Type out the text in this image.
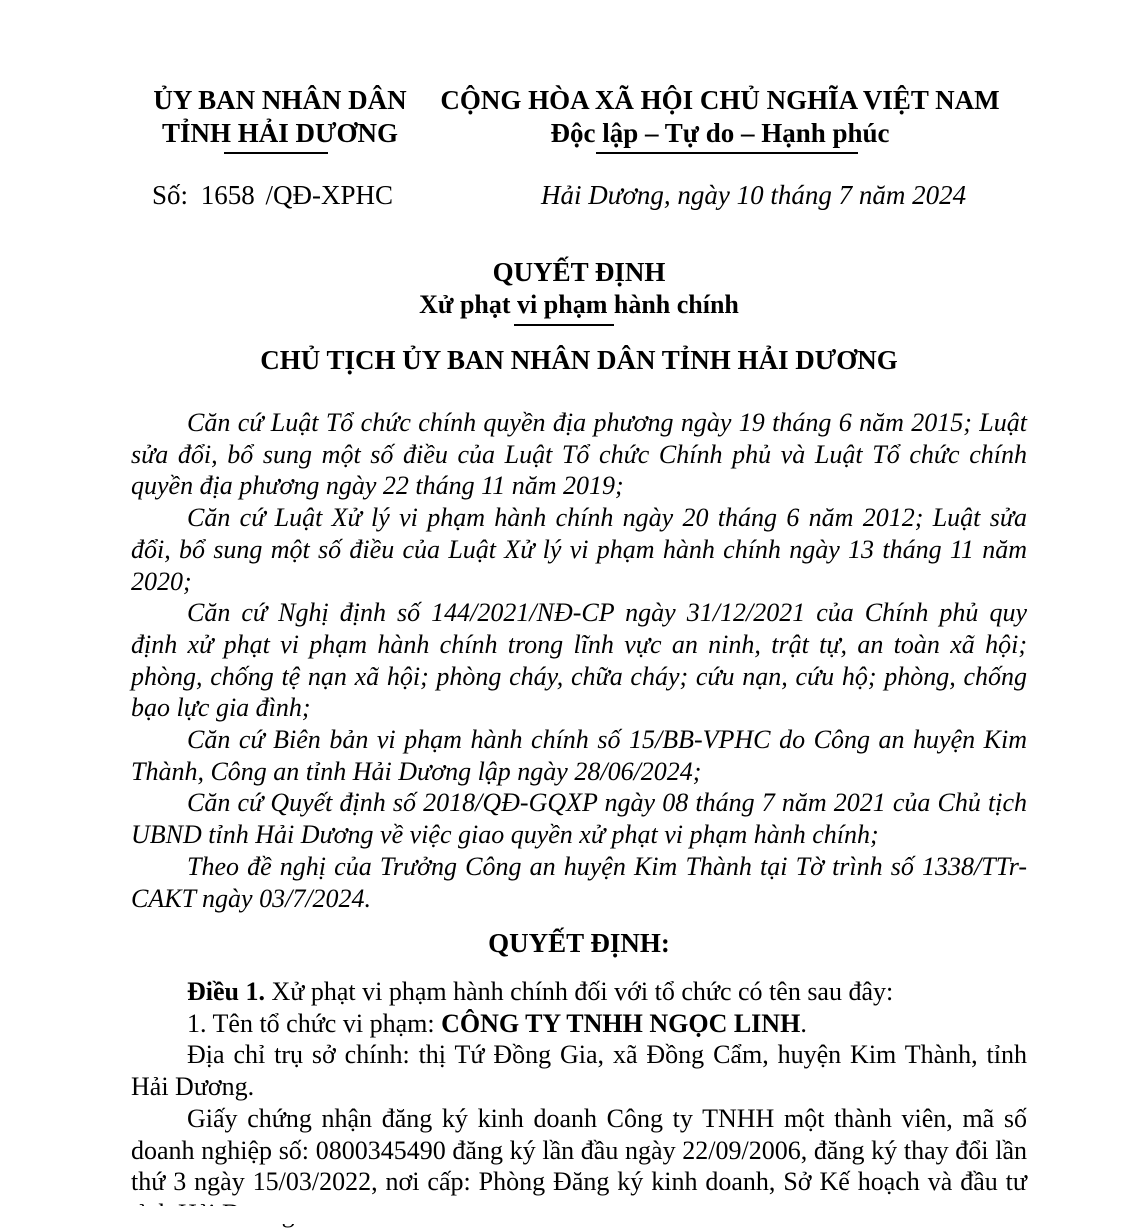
ỦY BAN NHÂN DÂN
TỈNH HẢI DƯƠNG
CỘNG HÒA XÃ HỘI CHỦ NGHĨA VIỆT NAM
Độc lập – Tự do – Hạnh phúc
Số: 1658 /QĐ-XPHC	Hải Dương, ngày 10 tháng 7 năm 2024
QUYẾT ĐỊNH
Xử phạt vi phạm hành chính
CHỦ TỊCH ỦY BAN NHÂN DÂN TỈNH HẢI DƯƠNG

Căn cứ Luật Tổ chức chính quyền địa phương ngày 19 tháng 6 năm 2015; Luật sửa đổi, bổ sung một số điều của Luật Tổ chức Chính phủ và Luật Tổ chức chính quyền địa phương ngày 22 tháng 11 năm 2019;

Căn cứ Luật Xử lý vi phạm hành chính ngày 20 tháng 6 năm 2012; Luật sửa đổi, bổ sung một số điều của Luật Xử lý vi phạm hành chính ngày 13 tháng 11 năm 2020;

Căn cứ Nghị định số 144/2021/NĐ-CP ngày 31/12/2021 của Chính phủ quy định xử phạt vi phạm hành chính trong lĩnh vực an ninh, trật tự, an toàn xã hội; phòng, chống tệ nạn xã hội; phòng cháy, chữa cháy; cứu nạn, cứu hộ; phòng, chống bạo lực gia đình;

Căn cứ Biên bản vi phạm hành chính số 15/BB-VPHC do Công an huyện Kim Thành, Công an tỉnh Hải Dương lập ngày 28/06/2024;

Căn cứ Quyết định số 2018/QĐ-GQXP ngày 08 tháng 7 năm 2021 của Chủ tịch UBND tỉnh Hải Dương về việc giao quyền xử phạt vi phạm hành chính;

Theo đề nghị của Trưởng Công an huyện Kim Thành tại Tờ trình số 1338/TTr-CAKT ngày 03/7/2024.

QUYẾT ĐỊNH:

Điều 1. Xử phạt vi phạm hành chính đối với tổ chức có tên sau đây:

1. Tên tổ chức vi phạm: CÔNG TY TNHH NGỌC LINH.

Địa chỉ trụ sở chính: thị Tứ Đồng Gia, xã Đồng Cẩm, huyện Kim Thành, tỉnh Hải Dương.

Giấy chứng nhận đăng ký kinh doanh Công ty TNHH một thành viên, mã số doanh nghiệp số: 0800345490 đăng ký lần đầu ngày 22/09/2006, đăng ký thay đổi lần thứ 3 ngày 15/03/2022, nơi cấp: Phòng Đăng ký kinh doanh, Sở Kế hoạch và đầu tư
